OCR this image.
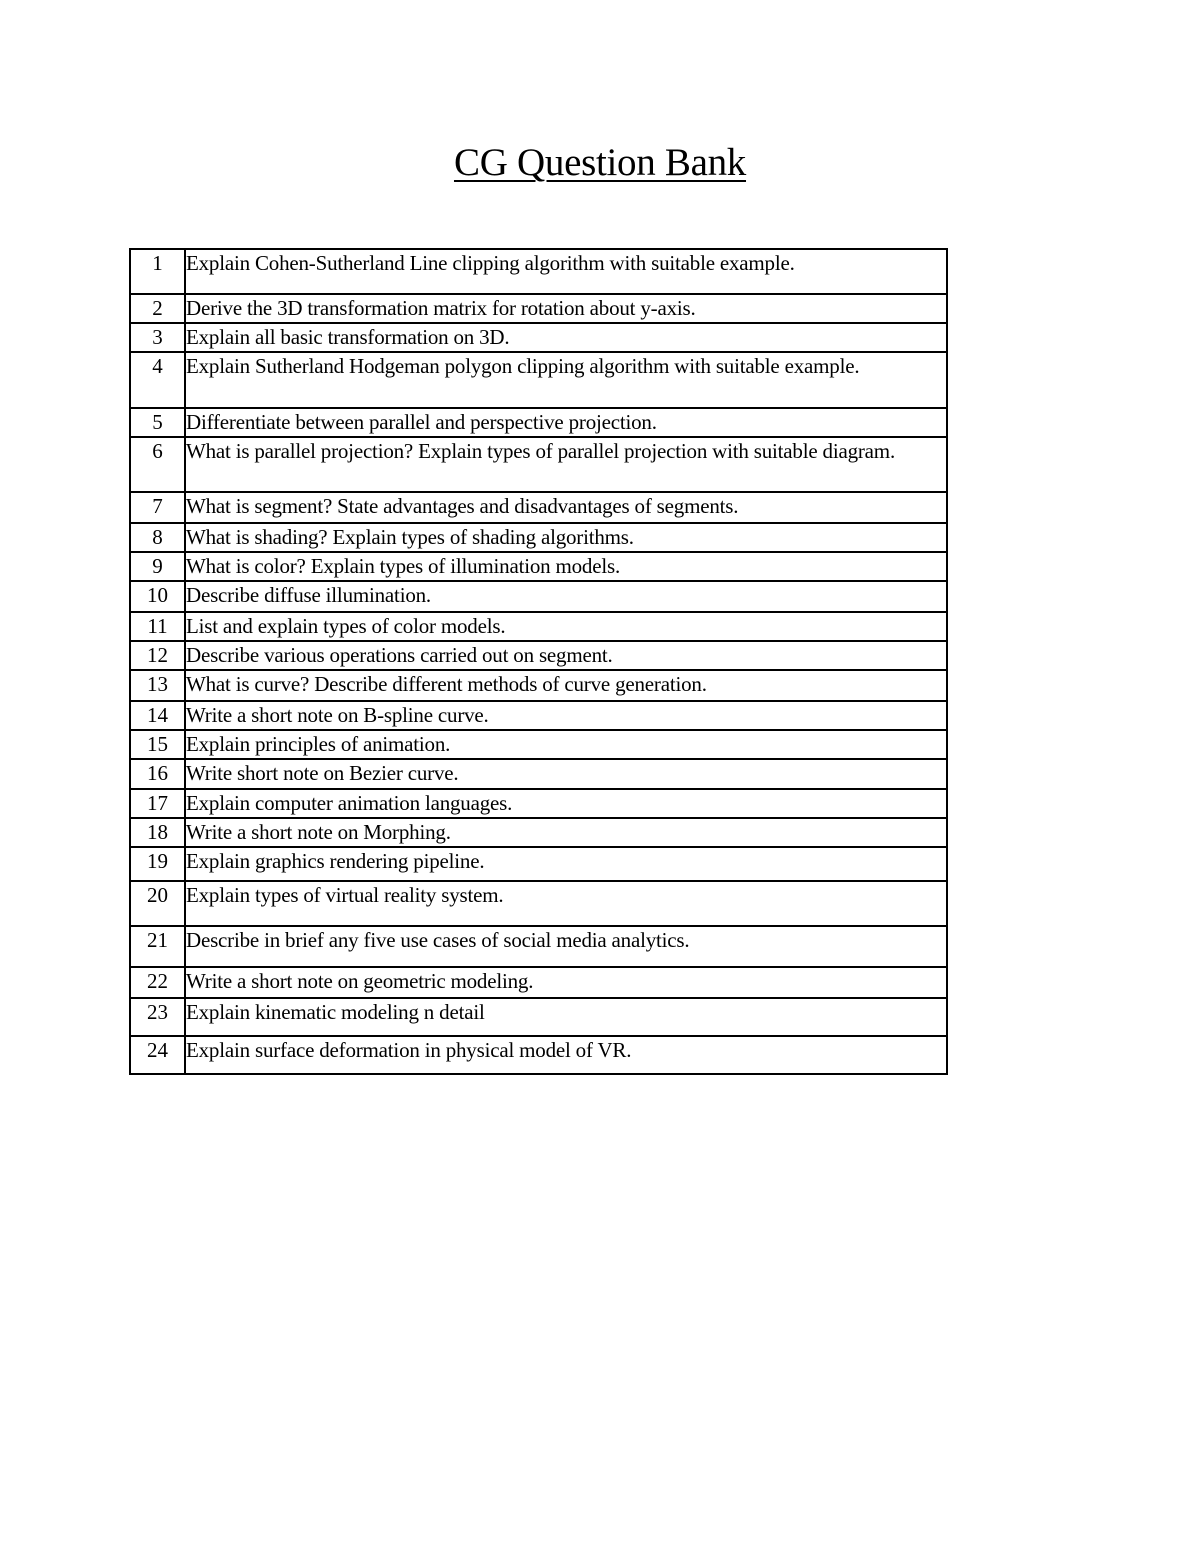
CG Question Bank
1	Explain Cohen-Sutherland Line clipping algorithm with suitable example.
2	Derive the 3D transformation matrix for rotation about y-axis.
3	Explain all basic transformation on 3D.
4	Explain Sutherland Hodgeman polygon clipping algorithm with suitable example.
5	Differentiate between parallel and perspective projection.
6	What is parallel projection? Explain types of parallel projection with suitable diagram.
7	What is segment? State advantages and disadvantages of segments.
8	What is shading? Explain types of shading algorithms.
9	What is color? Explain types of illumination models.
10	Describe diffuse illumination.
11	List and explain types of color models.
12	Describe various operations carried out on segment.
13	What is curve? Describe different methods of curve generation.
14	Write a short note on B-spline curve.
15	Explain principles of animation.
16	Write short note on Bezier curve.
17	Explain computer animation languages.
18	Write a short note on Morphing.
19	Explain graphics rendering pipeline.
20	Explain types of virtual reality system.
21	Describe in brief any five use cases of social media analytics.
22	Write a short note on geometric modeling.
23	Explain kinematic modeling n detail
24	Explain surface deformation in physical model of VR.
